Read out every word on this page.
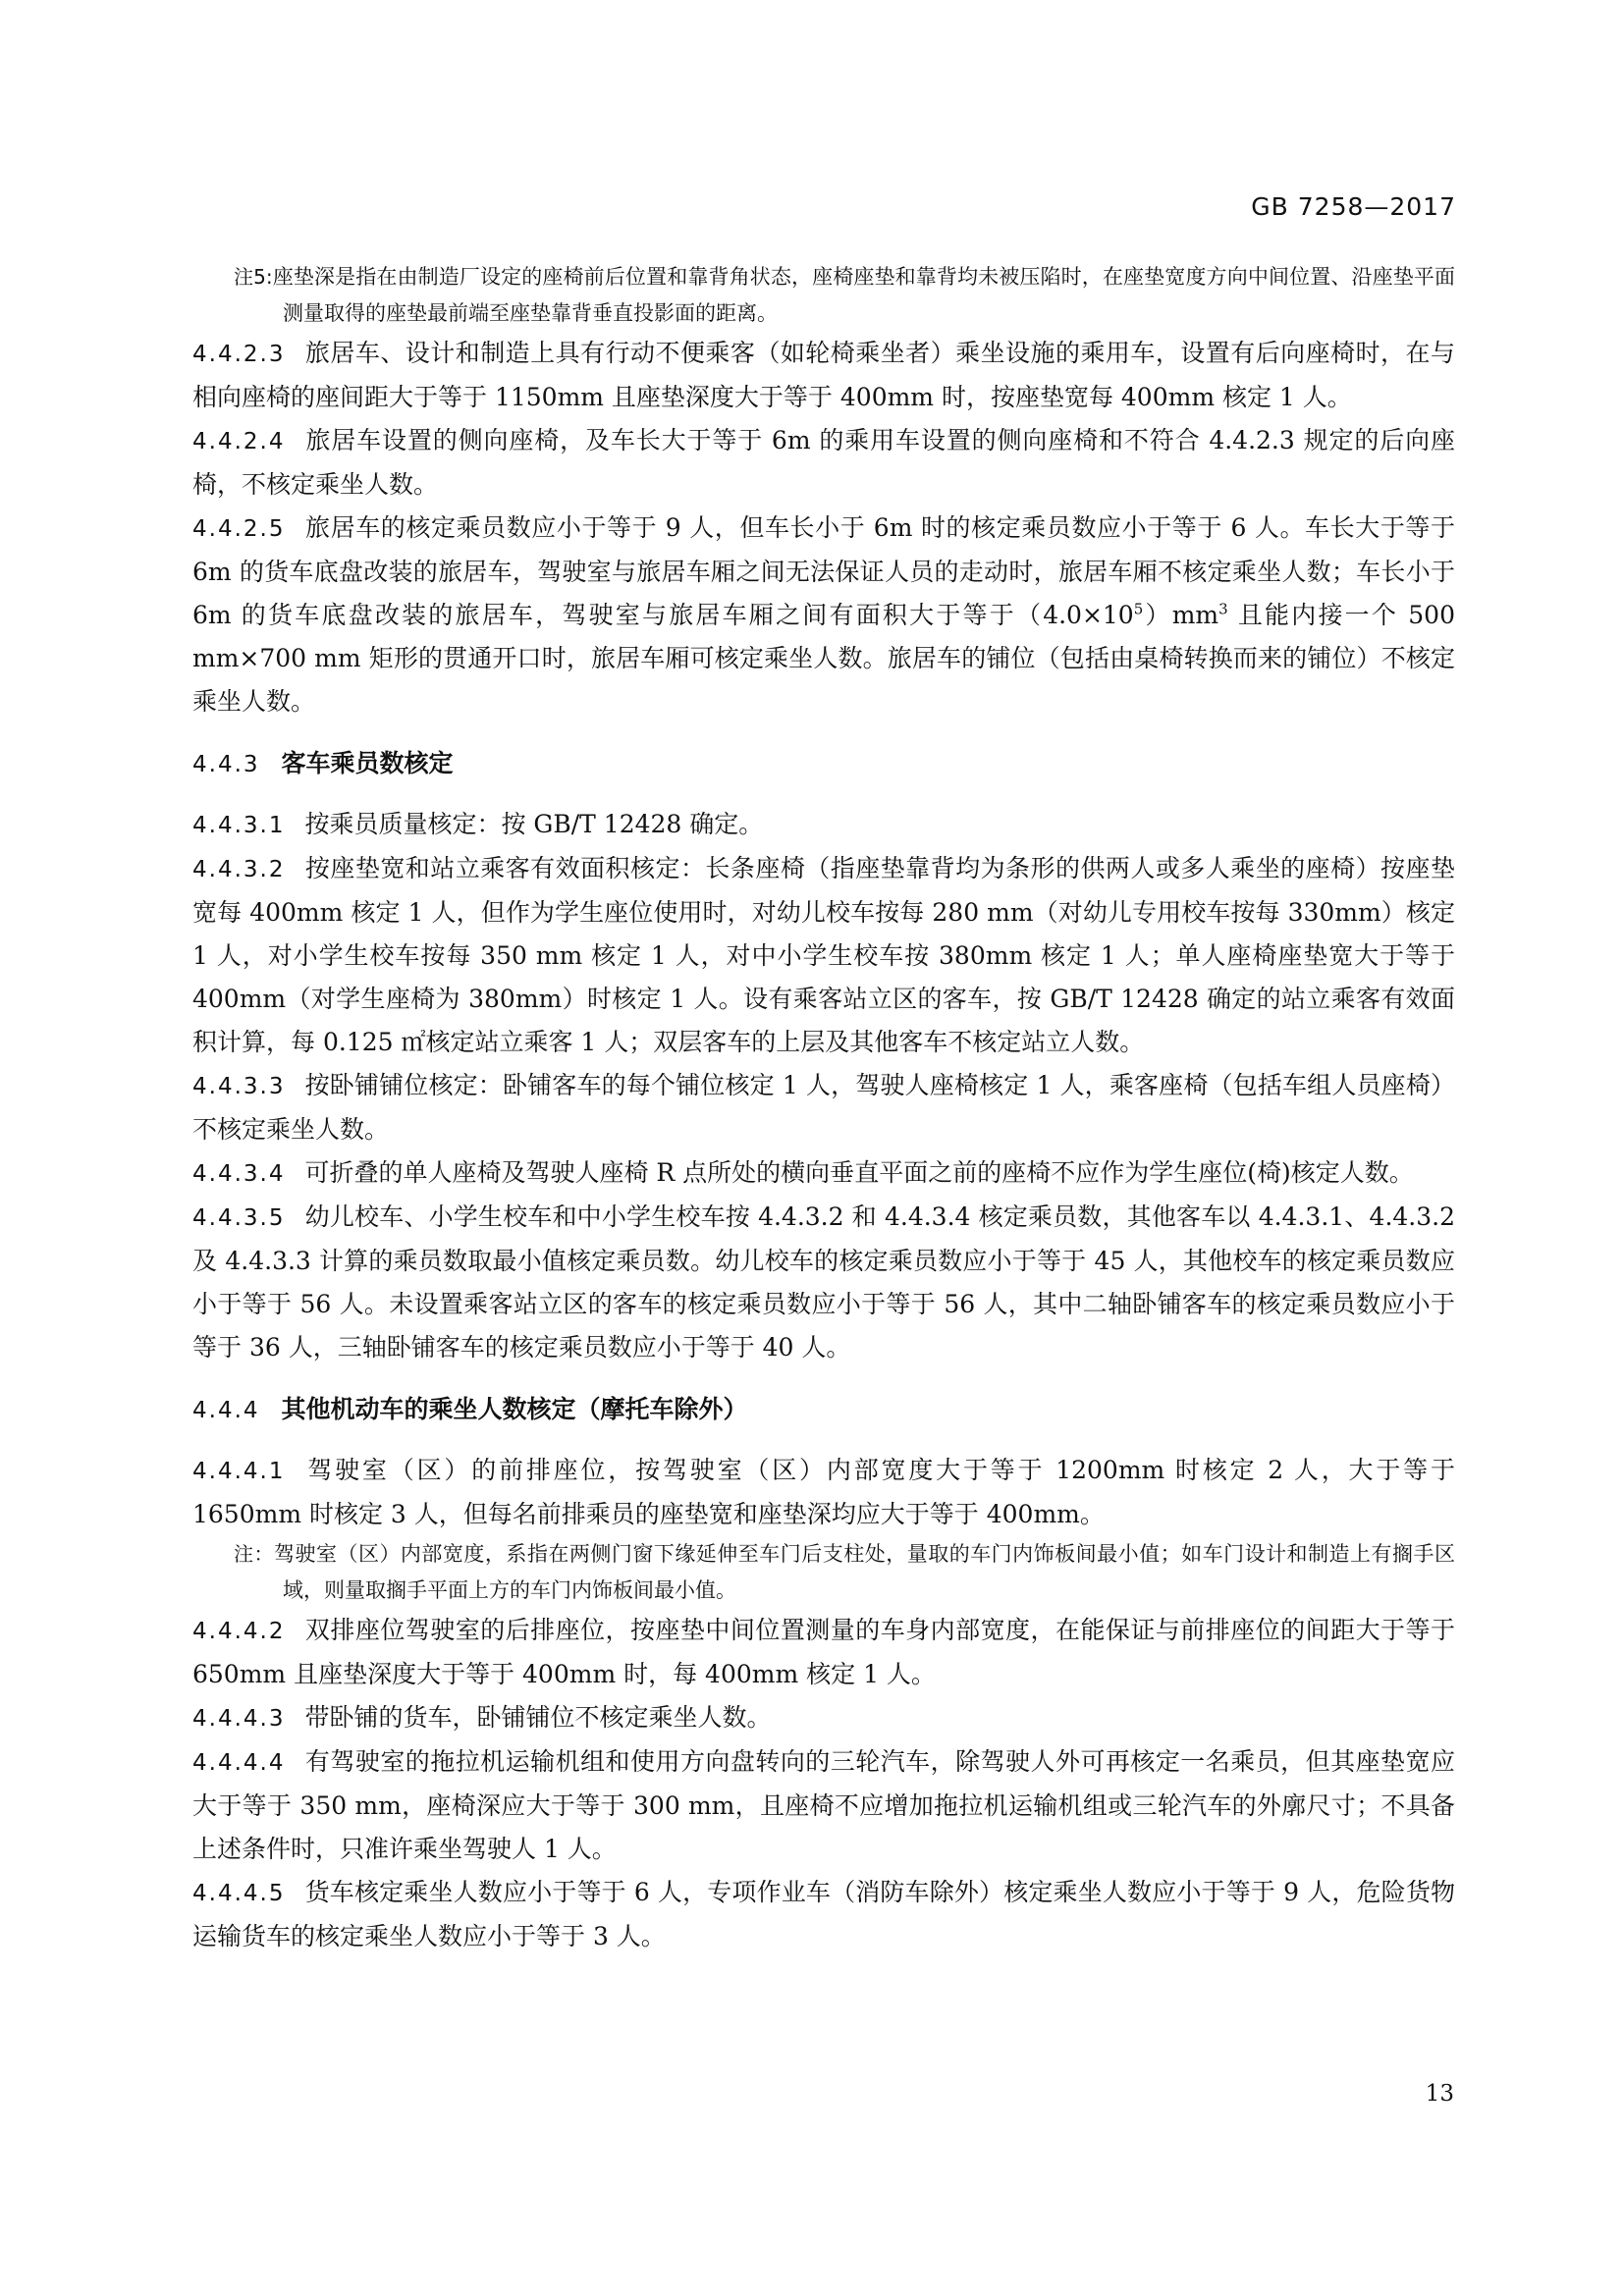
GB 7258—2017
注5:座垫深是指在由制造厂设定的座椅前后位置和靠背角状态，座椅座垫和靠背均未被压陷时，在座垫宽度方向中间位置、沿座垫平面测量取得的座垫最前端至座垫靠背垂直投影面的距离。
4.4.2.3 旅居车、设计和制造上具有行动不便乘客（如轮椅乘坐者）乘坐设施的乘用车，设置有后向座椅时，在与相向座椅的座间距大于等于 1150mm 且座垫深度大于等于 400mm 时，按座垫宽每 400mm 核定 1 人。
4.4.2.4 旅居车设置的侧向座椅，及车长大于等于 6m 的乘用车设置的侧向座椅和不符合 4.4.2.3 规定的后向座椅，不核定乘坐人数。
4.4.2.5 旅居车的核定乘员数应小于等于 9 人，但车长小于 6m 时的核定乘员数应小于等于 6 人。车长大于等于 6m 的货车底盘改装的旅居车，驾驶室与旅居车厢之间无法保证人员的走动时，旅居车厢不核定乘坐人数；车长小于 6m 的货车底盘改装的旅居车，驾驶室与旅居车厢之间有面积大于等于$(4.0\times 10^5)mm^3$ 且能内接一个 500 mm×700 mm 矩形的贯通开口时，旅居车厢可核定乘坐人数。旅居车的铺位（包括由桌椅转换而来的铺位）不核定乘坐人数。
4.4.3 客车乘员数核定
4.4.3.1 按乘员质量核定：按 GB/T 12428 确定。
4.4.3.2 按座垫宽和站立乘客有效面积核定：长条座椅（指座垫靠背均为条形的供两人或多人乘坐的座椅）按座垫宽每 400mm 核定 1 人，但作为学生座位使用时，对幼儿校车按每 280 mm（对幼儿专用校车按每 330mm）核定 1 人，对小学生校车按每 350 mm 核定 1 人，对中小学生校车按 380mm 核定 1 人；单人座椅座垫宽大于等于 400mm（对学生座椅为 380mm）时核定 1 人。设有乘客站立区的客车，按 GB/T 12428 确定的站立乘客有效面积计算，每 0.125 ㎡核定站立乘客 1 人；双层客车的上层及其他客车不核定站立人数。
4.4.3.3 按卧铺铺位核定：卧铺客车的每个铺位核定 1 人，驾驶人座椅核定 1 人，乘客座椅（包括车组人员座椅）不核定乘坐人数。
4.4.3.4 可折叠的单人座椅及驾驶人座椅 R 点所处的横向垂直平面之前的座椅不应作为学生座位(椅)核定人数。
4.4.3.5 幼儿校车、小学生校车和中小学生校车按 4.4.3.2 和 4.4.3.4 核定乘员数，其他客车以 4.4.3.1、4.4.3.2 及 4.4.3.3 计算的乘员数取最小值核定乘员数。幼儿校车的核定乘员数应小于等于 45 人，其他校车的核定乘员数应小于等于 56 人。未设置乘客站立区的客车的核定乘员数应小于等于 56 人，其中二轴卧铺客车的核定乘员数应小于等于 36 人，三轴卧铺客车的核定乘员数应小于等于 40 人。
4.4.4 其他机动车的乘坐人数核定（摩托车除外）
4.4.4.1 驾驶室（区）的前排座位，按驾驶室（区）内部宽度大于等于 1200mm 时核定 2 人，大于等于 1650mm 时核定 3 人，但每名前排乘员的座垫宽和座垫深均应大于等于 400mm。
注：驾驶室（区）内部宽度，系指在两侧门窗下缘延伸至车门后支柱处，量取的车门内饰板间最小值；如车门设计和制造上有搁手区域，则量取搁手平面上方的车门内饰板间最小值。
4.4.4.2 双排座位驾驶室的后排座位，按座垫中间位置测量的车身内部宽度，在能保证与前排座位的间距大于等于 650mm 且座垫深度大于等于 400mm 时，每 400mm 核定 1 人。
4.4.4.3 带卧铺的货车，卧铺铺位不核定乘坐人数。
4.4.4.4 有驾驶室的拖拉机运输机组和使用方向盘转向的三轮汽车，除驾驶人外可再核定一名乘员，但其座垫宽应大于等于 350 mm，座椅深应大于等于 300 mm，且座椅不应增加拖拉机运输机组或三轮汽车的外廓尺寸；不具备上述条件时，只准许乘坐驾驶人 1 人。
4.4.4.5 货车核定乘坐人数应小于等于 6 人，专项作业车（消防车除外）核定乘坐人数应小于等于 9 人，危险货物运输货车的核定乘坐人数应小于等于 3 人。
13
